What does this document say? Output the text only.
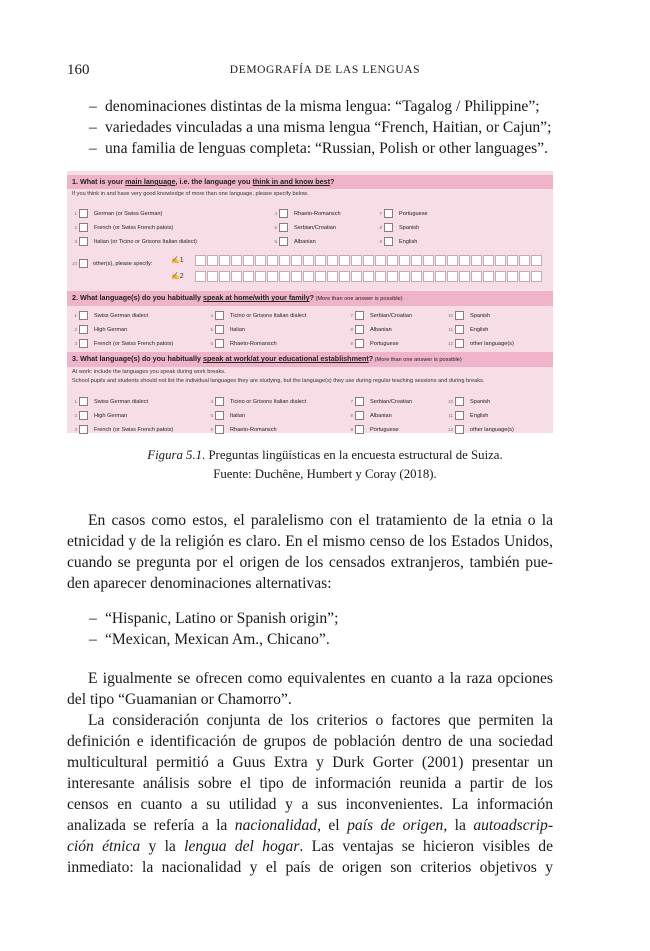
160	DEMOGRAFÍA DE LAS LENGUAS
– denominaciones distintas de la misma lengua: “Tagalog / Philippine”;
– variedades vinculadas a una misma lengua “French, Haitian, or Cajun”;
– una familia de lenguas completa: “Russian, Polish or other languages”.
1. What is your main language, i.e. the language you think in and know best?
If you think in and have very good knowledge of more than one language, please specify below.
1	German (or Swiss German)
2	French (or Swiss French patois)
3	Italian (or Ticino or Grisons Italian dialect)
4	Rhaeto-Romansch
5	Serbian/Croatian
6	Albanian
7	Portuguese
8	Spanish
9	English
10	other(s), please specify:	✍1
✍2
2. What language(s) do you habitually speak at home/with your family? (More than one answer is possible)
1	Swiss German dialect
2	High German
3	French (or Swiss French patois)
4	Ticino or Grisons Italian dialect
5	Italian
6	Rhaeto-Romansch
7	Serbian/Croatian
8	Albanian
9	Portuguese
10	Spanish
11	English
12	other language(s)
3. What language(s) do you habitually speak at work/at your educational establishment? (More than one answer is possible)
At work: include the languages you speak during work breaks.
School pupils and students should not list the individual languages they are studying, but the language(s) they use during regular teaching sessions and during breaks.
1	Swiss German dialect
2	High German
3	French (or Swiss French patois)
4	Ticino or Grisons Italian dialect
5	Italian
6	Rhaeto-Romansch
7	Serbian/Croatian
8	Albanian
9	Portuguese
10	Spanish
11	English
12	other language(s)
Figura 5.1. Preguntas lingüísticas en la encuesta estructural de Suiza.
Fuente: Duchêne, Humbert y Coray (2018).
En casos como estos, el paralelismo con el tratamiento de la etnia o la
etnicidad y de la religión es claro. En el mismo censo de los Estados Unidos,
cuando se pregunta por el origen de los censados extranjeros, también pue-
den aparecer denominaciones alternativas:
– “Hispanic, Latino or Spanish origin”;
– “Mexican, Mexican Am., Chicano”.
E igualmente se ofrecen como equivalentes en cuanto a la raza opciones
del tipo “Guamanian or Chamorro”.
La consideración conjunta de los criterios o factores que permiten la
definición e identificación de grupos de población dentro de una sociedad
multicultural permitió a Guus Extra y Durk Gorter (2001) presentar un
interesante análisis sobre el tipo de información reunida a partir de los
censos en cuanto a su utilidad y a sus inconvenientes. La información
analizada se refería a la nacionalidad, el país de origen, la autoadscrip-
ción étnica y la lengua del hogar. Las ventajas se hicieron visibles de
inmediato: la nacionalidad y el país de origen son criterios objetivos y
